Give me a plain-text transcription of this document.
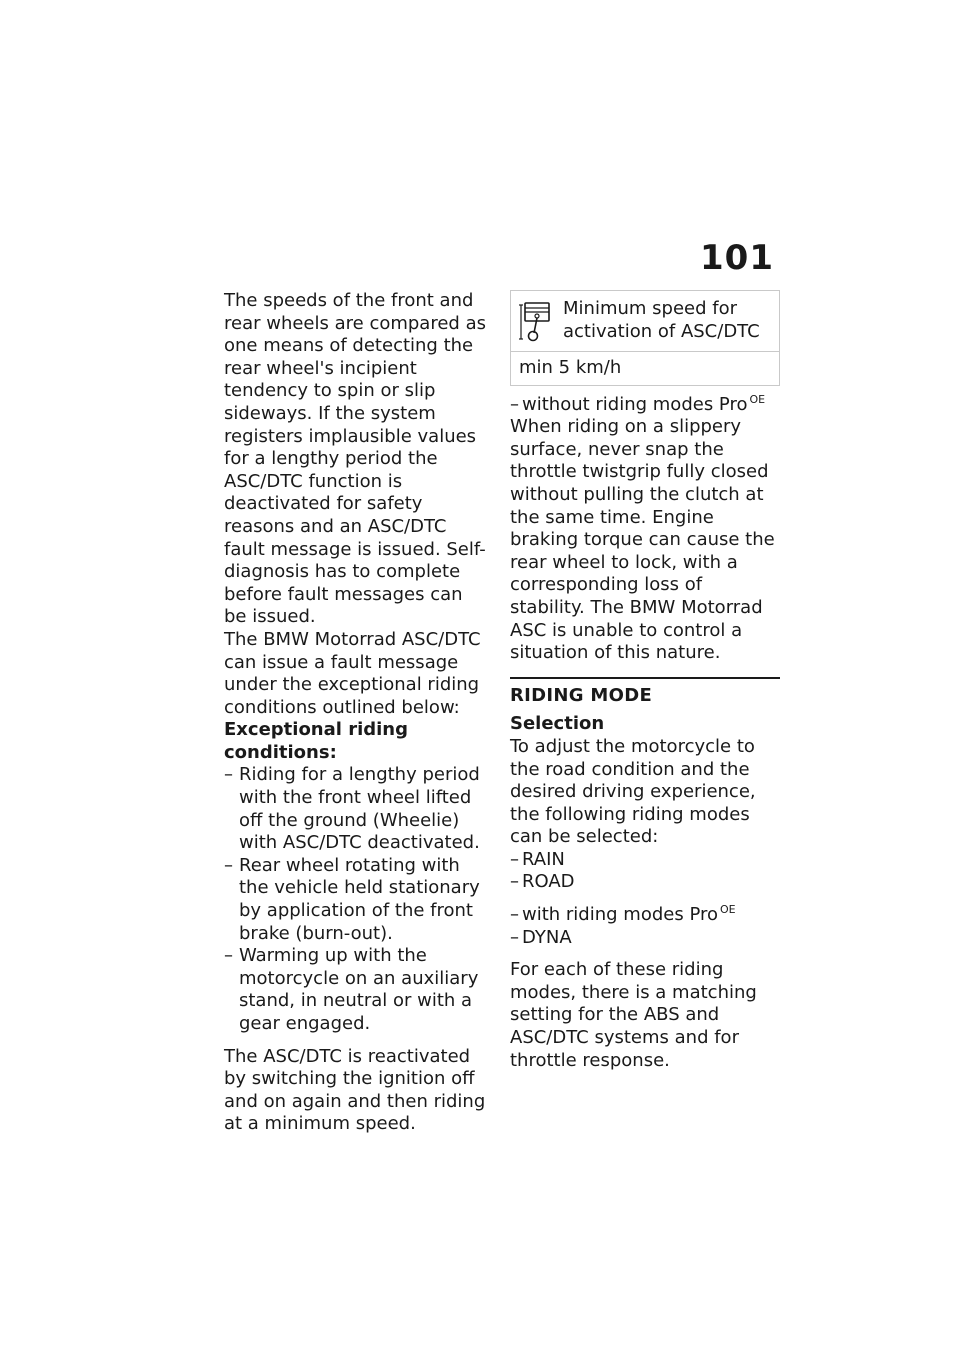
101

The speeds of the front and rear wheels are compared as one means of detecting the rear wheel's incipient tendency to spin or slip sideways. If the system registers implausible values for a lengthy period the ASC/DTC function is deactivated for safety reasons and an ASC/DTC fault message is issued. Self-diagnosis has to complete before fault messages can be issued.

The BMW Motorrad ASC/DTC can issue a fault message under the exceptional riding conditions outlined below:

Exceptional riding conditions:

– Riding for a lengthy period with the front wheel lifted off the ground (Wheelie) with ASC/DTC deactivated.
– Rear wheel rotating with the vehicle held stationary by application of the front brake (burn-out).
– Warming up with the motorcycle on an auxiliary stand, in neutral or with a gear engaged.

The ASC/DTC is reactivated by switching the ignition off and on again and then riding at a minimum speed.

Minimum speed for activation of ASC/DTC
min 5 km/h

– without riding modes Pro $^{OE}$

When riding on a slippery surface, never snap the throttle twistgrip fully closed without pulling the clutch at the same time. Engine braking torque can cause the rear wheel to lock, with a corresponding loss of stability. The BMW Motorrad ASC is unable to control a situation of this nature.

RIDING MODE

Selection

To adjust the motorcycle to the road condition and the desired driving experience, the following riding modes can be selected:

– RAIN
– ROAD

– with riding modes Pro $^{OE}$

– DYNA

For each of these riding modes, there is a matching setting for the ABS and ASC/DTC systems and for throttle response.
